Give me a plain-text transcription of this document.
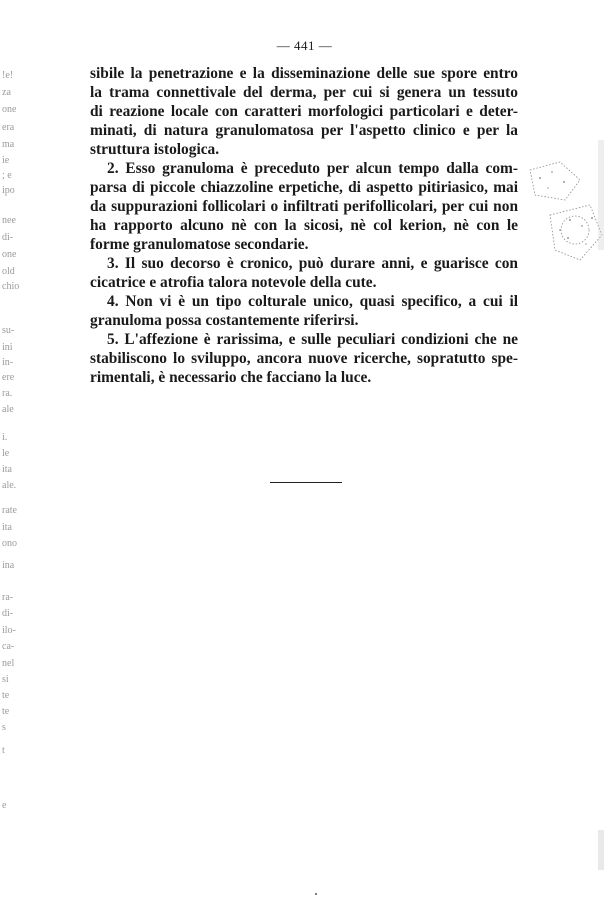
!e!
za
one
era
ma
ie
; e
ipo
nee
di-
one
old
chio
su-
ini
in-
ere
ra.
ale
i.
le
ita
ale.
rate
ita
ono
ina
ra-
di-
ilo-
ca-
nel
si
te
te
s
t
e
— 441 —
sibile la penetrazione e la disseminazione delle sue spore entro
la trama connettivale del derma, per cui si genera un tessuto
di reazione locale con caratteri morfologici particolari e deter-
minati, di natura granulomatosa per l'aspetto clinico e per la
struttura istologica.
2. Esso granuloma è preceduto per alcun tempo dalla com-
parsa di piccole chiazzoline erpetiche, di aspetto pitiriasico, mai
da suppurazioni follicolari o infiltrati perifollicolari, per cui non
ha rapporto alcuno nè con la sicosi, nè col kerion, nè con le
forme granulomatose secondarie.
3. Il suo decorso è cronico, può durare anni, e guarisce con
cicatrice e atrofia talora notevole della cute.
4. Non vi è un tipo colturale unico, quasi specifico, a cui il
granuloma possa costantemente riferirsi.
5. L'affezione è rarissima, e sulle peculiari condizioni che ne
stabiliscono lo sviluppo, ancora nuove ricerche, sopratutto spe-
rimentali, è necessario che facciano la luce.
